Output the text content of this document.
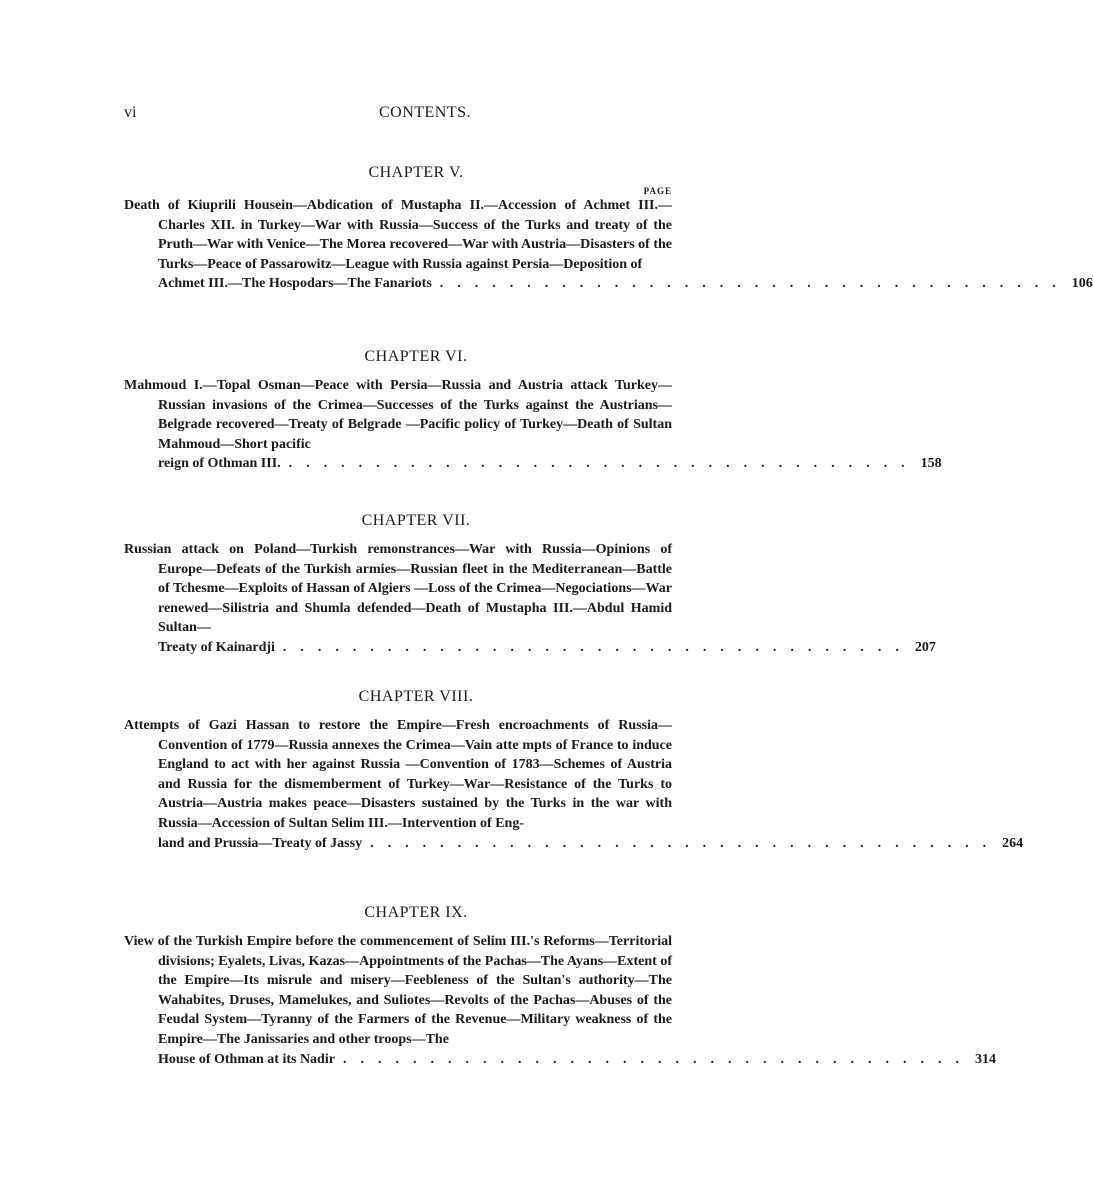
vi	CONTENTS.
CHAPTER V.
PAGE

Death of Kiuprili Housein—Abdication of Mustapha II.—Accession of Achmet III.—Charles XII. in Turkey—War with Russia—Success of the Turks and treaty of the Pruth—War with Venice—The Morea recovered—War with Austria—Disasters of the Turks—Peace of Passarowitz—League with Russia against Persia—Deposition of
Achmet III.—The Hospodars—The Fanariots .................................... 106

CHAPTER VI.

Mahmoud I.—Topal Osman—Peace with Persia—Russia and Austria attack Turkey—Russian invasions of the Crimea—Successes of the Turks against the Austrians—Belgrade recovered—Treaty of Belgrade —Pacific policy of Turkey—Death of Sultan Mahmoud—Short pacific
reign of Othman III. .................................... 158

CHAPTER VII.

Russian attack on Poland—Turkish remonstrances—War with Russia—Opinions of Europe—Defeats of the Turkish armies—Russian fleet in the Mediterranean—Battle of Tchesme—Exploits of Hassan of Algiers —Loss of the Crimea—Negociations—War renewed—Silistria and Shumla defended—Death of Mustapha III.—Abdul Hamid Sultan—
Treaty of Kainardji .................................... 207

CHAPTER VIII.

Attempts of Gazi Hassan to restore the Empire—Fresh encroachments of Russia—Convention of 1779—Russia annexes the Crimea—Vain atte mpts of France to induce England to act with her against Russia —Convention of 1783—Schemes of Austria and Russia for the dismemberment of Turkey—War—Resistance of the Turks to Austria—Austria makes peace—Disasters sustained by the Turks in the war with Russia—Accession of Sultan Selim III.—Intervention of Eng-
land and Prussia—Treaty of Jassy .................................... 264

CHAPTER IX.

View of the Turkish Empire before the commencement of Selim III.'s Reforms—Territorial divisions; Eyalets, Livas, Kazas—Appointments of the Pachas—The Ayans—Extent of the Empire—Its misrule and misery—Feebleness of the Sultan's authority—The Wahabites, Druses, Mamelukes, and Suliotes—Revolts of the Pachas—Abuses of the Feudal System—Tyranny of the Farmers of the Revenue—Military weakness of the Empire—The Janissaries and other troops—The
House of Othman at its Nadir .................................... 314
